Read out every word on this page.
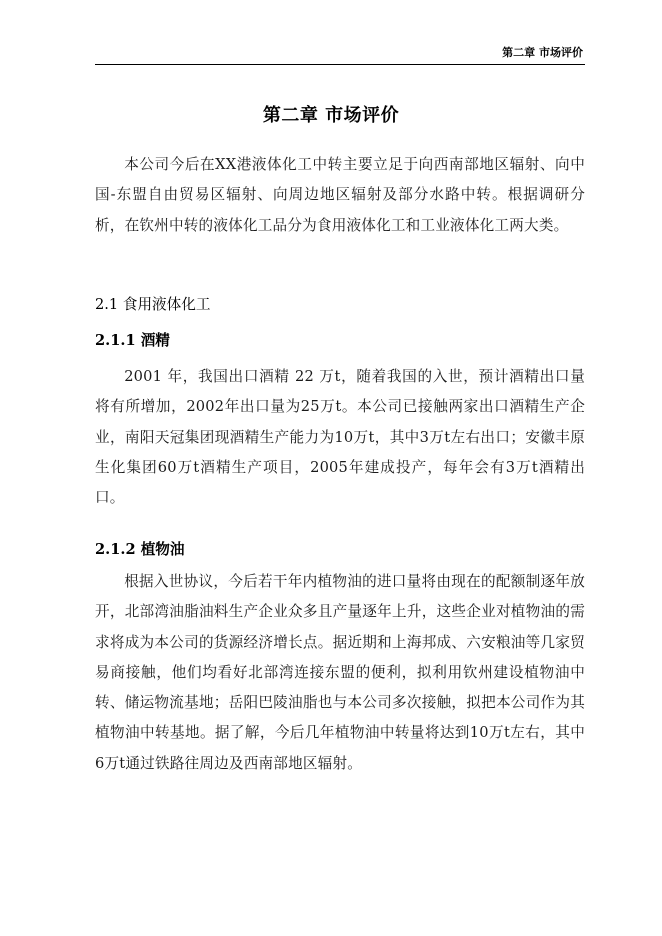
第二章 市场评价
第二章 市场评价
本公司今后在XX港液体化工中转主要立足于向西南部地区辐射、向中国-东盟自由贸易区辐射、向周边地区辐射及部分水路中转。根据调研分析，在钦州中转的液体化工品分为食用液体化工和工业液体化工两大类。
2.1 食用液体化工
2.1.1 酒精
2001 年，我国出口酒精 22 万t，随着我国的入世，预计酒精出口量将有所增加，2002年出口量为25万t。本公司已接触两家出口酒精生产企业，南阳天冠集团现酒精生产能力为10万t，其中3万t左右出口；安徽丰原生化集团60万t酒精生产项目，2005年建成投产，每年会有3万t酒精出口。
2.1.2 植物油
根据入世协议，今后若干年内植物油的进口量将由现在的配额制逐年放开，北部湾油脂油料生产企业众多且产量逐年上升，这些企业对植物油的需求将成为本公司的货源经济增长点。据近期和上海邦成、六安粮油等几家贸易商接触，他们均看好北部湾连接东盟的便利，拟利用钦州建设植物油中转、储运物流基地；岳阳巴陵油脂也与本公司多次接触，拟把本公司作为其植物油中转基地。据了解，今后几年植物油中转量将达到10万t左右，其中6万t通过铁路往周边及西南部地区辐射。
